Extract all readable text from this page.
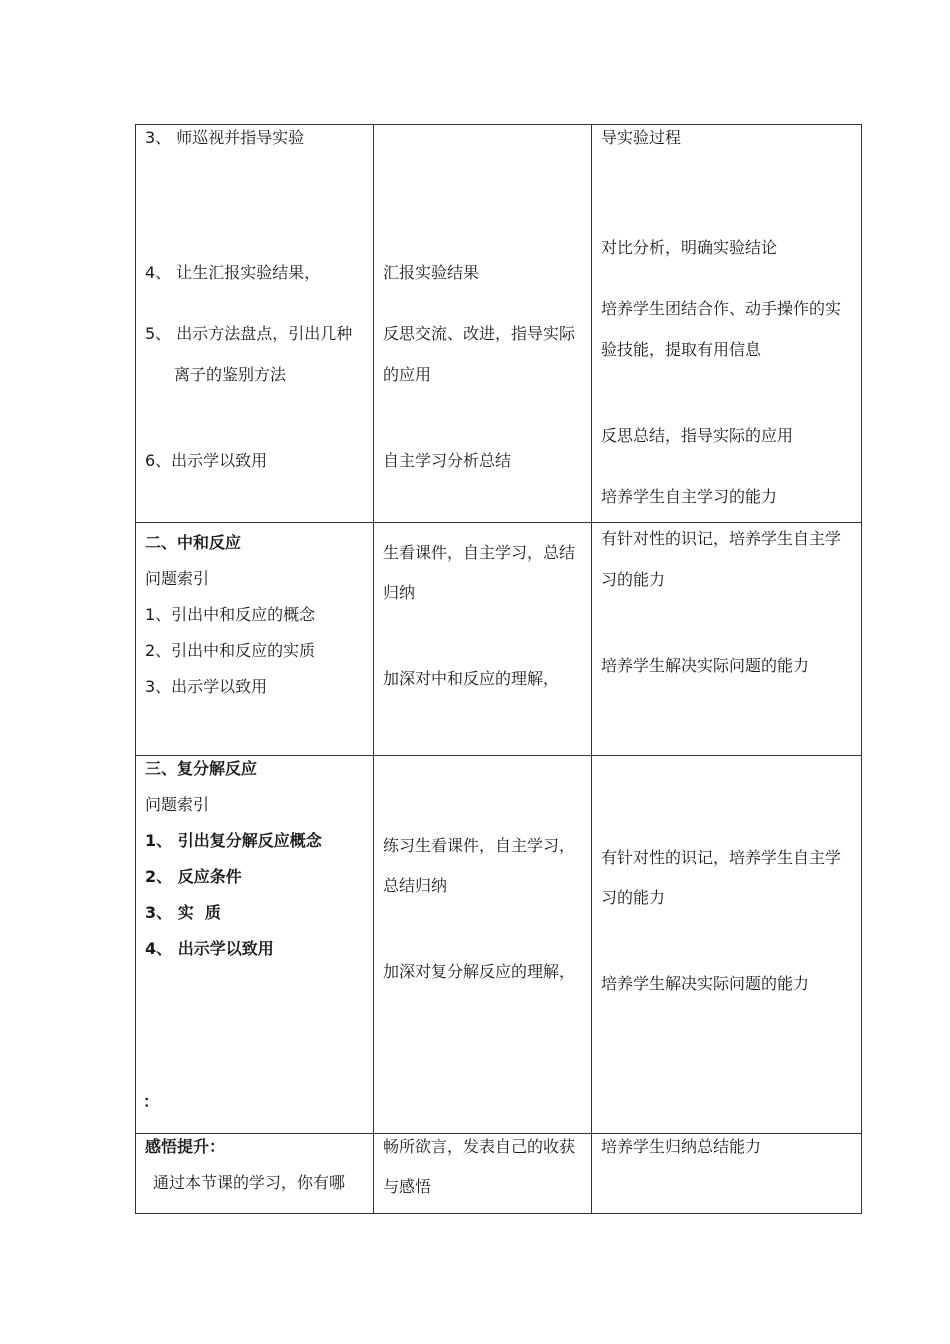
3、 师巡视并指导实验
4、 让生汇报实验结果，
5、 出示方法盘点，引出几种
离子的鉴别方法
6、出示学以致用
汇报实验结果
反思交流、改进，指导实际
的应用
自主学习分析总结
导实验过程
对比分析，明确实验结论
培养学生团结合作、动手操作的实
验技能，提取有用信息
反思总结，指导实际的应用
培养学生自主学习的能力
二、中和反应
问题索引
1、引出中和反应的概念
2、引出中和反应的实质
3、出示学以致用
生看课件，自主学习，总结
归纳
加深对中和反应的理解，
有针对性的识记，培养学生自主学
习的能力
培养学生解决实际问题的能力
三、复分解反应
问题索引
1、 引出复分解反应概念
2、 反应条件
3、 实  质
4、 出示学以致用
：
练习生看课件，自主学习，
总结归纳
加深对复分解反应的理解，
有针对性的识记，培养学生自主学
习的能力
培养学生解决实际问题的能力
感悟提升：
通过本节课的学习，你有哪
畅所欲言，发表自己的收获
与感悟
培养学生归纳总结能力
